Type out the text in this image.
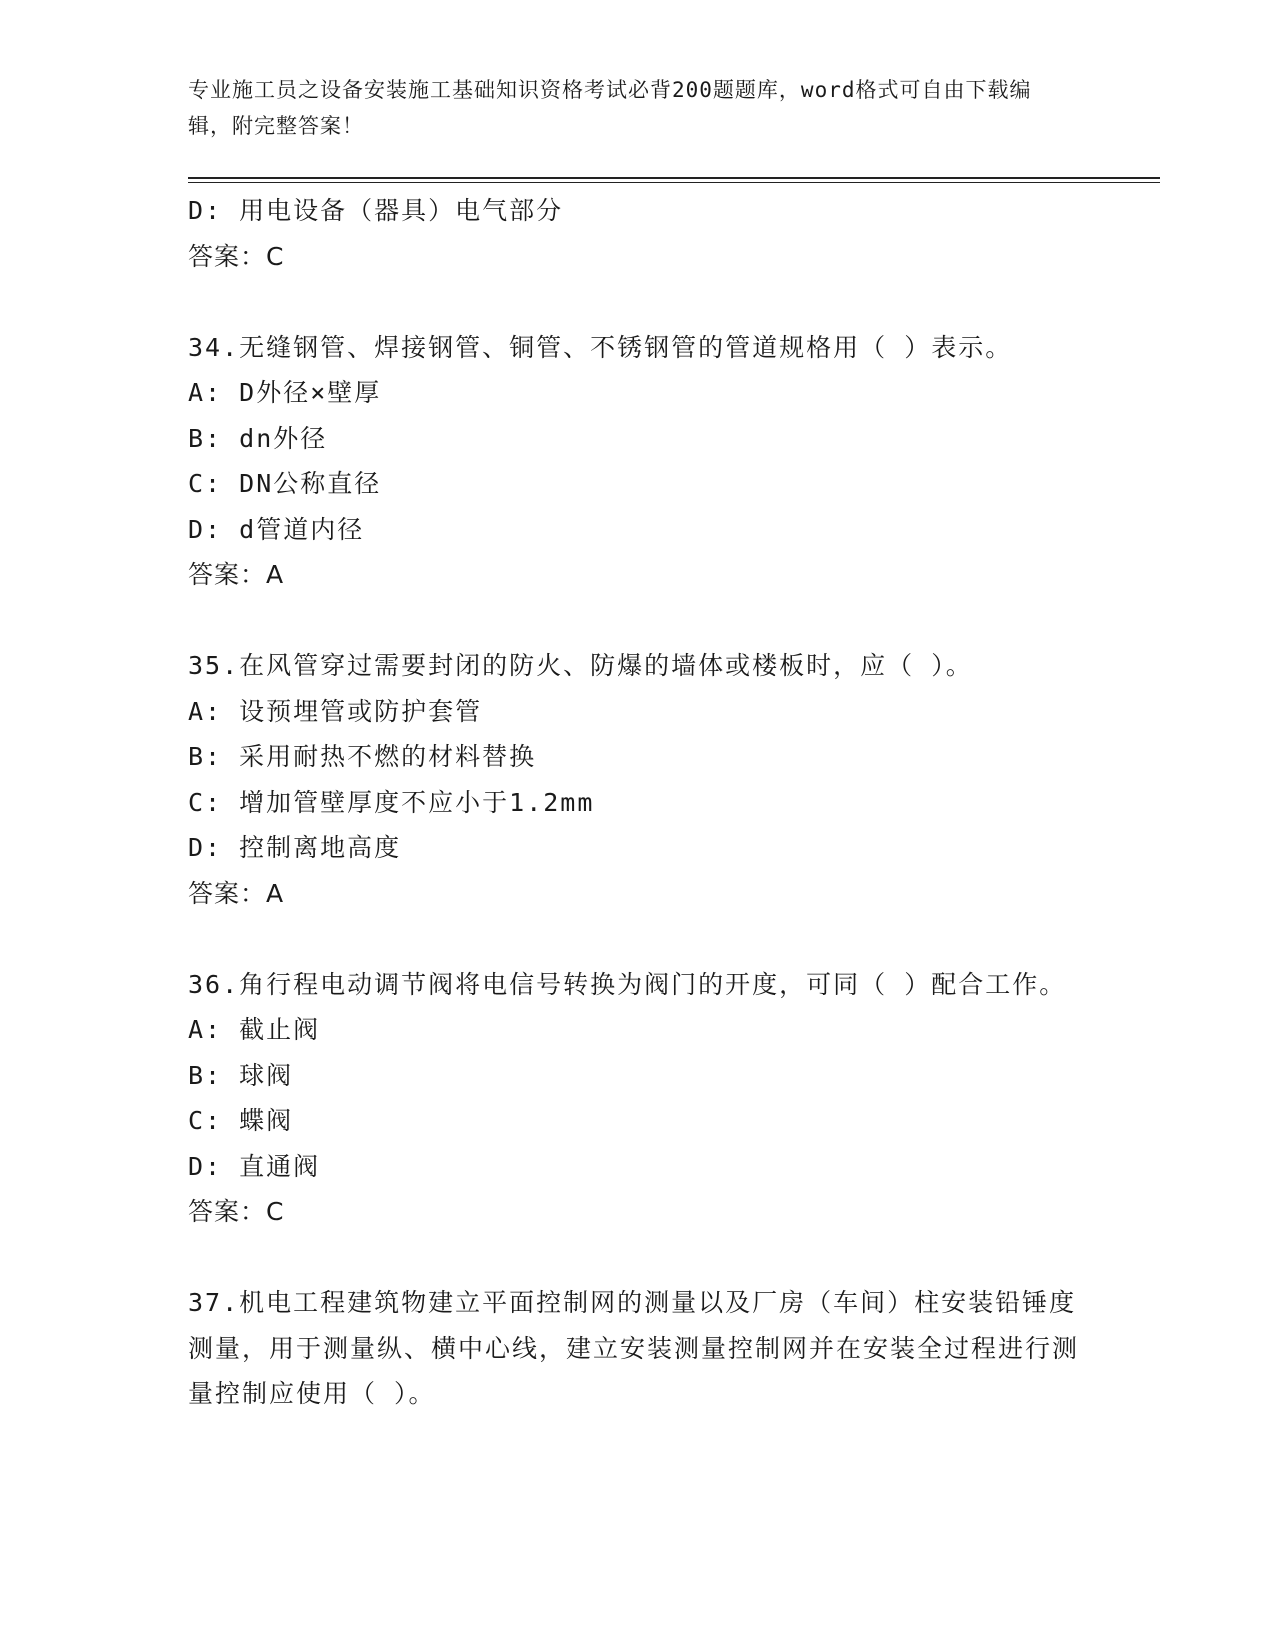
专业施工员之设备安装施工基础知识资格考试必背200题题库，word格式可自由下载编辑，附完整答案！
D: 用电设备（器具）电气部分
答案：C
34.无缝钢管、焊接钢管、铜管、不锈钢管的管道规格用（ ）表示。
A: D外径×壁厚
B: dn外径
C: DN公称直径
D: d管道内径
答案：A
35.在风管穿过需要封闭的防火、防爆的墙体或楼板时，应（ ）。
A: 设预埋管或防护套管
B: 采用耐热不燃的材料替换
C: 增加管壁厚度不应小于1.2mm
D: 控制离地高度
答案：A
36.角行程电动调节阀将电信号转换为阀门的开度，可同（ ）配合工作。
A: 截止阀
B: 球阀
C: 蝶阀
D: 直通阀
答案：C
37.机电工程建筑物建立平面控制网的测量以及厂房（车间）柱安装铅锤度测量，用于测量纵、横中心线，建立安装测量控制网并在安装全过程进行测量控制应使用（ ）。
